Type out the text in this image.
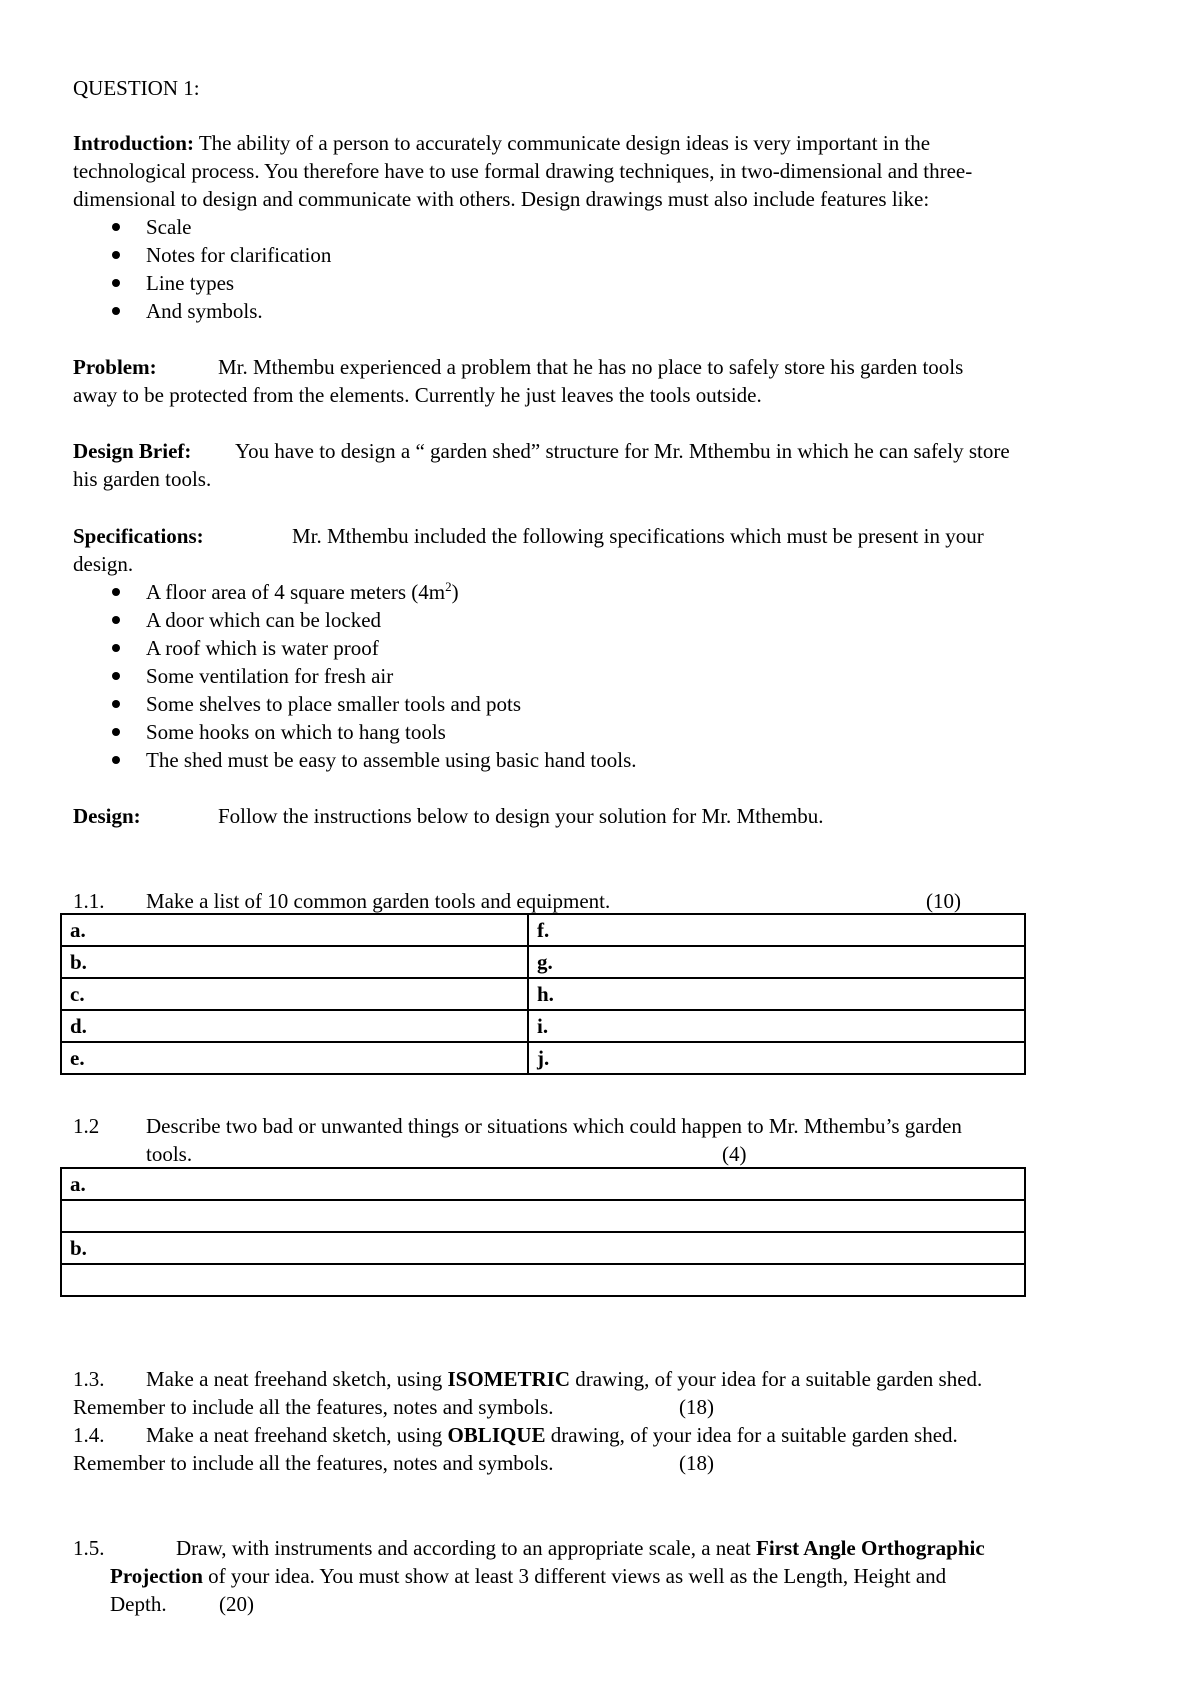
QUESTION 1:
Introduction: The ability of a person to accurately communicate design ideas is very important in the
technological process. You therefore have to use formal drawing techniques, in two-dimensional and three-
dimensional to design and communicate with others. Design drawings must also include features like:
Scale
Notes for clarification
Line types
And symbols.
Problem:	Mr. Mthembu experienced a problem that he has no place to safely store his garden tools
away to be protected from the elements. Currently he just leaves the tools outside.
Design Brief: You have to design a “ garden shed” structure for Mr. Mthembu in which he can safely store
his garden tools.
Specifications:	Mr. Mthembu included the following specifications which must be present in your
design.
A floor area of 4 square meters $(4m^2)$
A door which can be locked
A roof which is water proof
Some ventilation for fresh air
Some shelves to place smaller tools and pots
Some hooks on which to hang tools
The shed must be easy to assemble using basic hand tools.
Design:	Follow the instructions below to design your solution for Mr. Mthembu.
1.1. Make a list of 10 common garden tools and equipment.	(10)
a.	f.
b.	g.
c.	h.
d.	i.
e.	j.
1.2 Describe two bad or unwanted things or situations which could happen to Mr. Mthembu’s garden
tools.	(4)
a.

b.

1.3. Make a neat freehand sketch, using ISOMETRIC drawing, of your idea for a suitable garden shed.
Remember to include all the features, notes and symbols.	(18)
1.4. Make a neat freehand sketch, using OBLIQUE drawing, of your idea for a suitable garden shed.
Remember to include all the features, notes and symbols.	(18)
1.5.	Draw, with instruments and according to an appropriate scale, a neat First Angle Orthographic
Projection of your idea. You must show at least 3 different views as well as the Length, Height and
Depth. (20)
